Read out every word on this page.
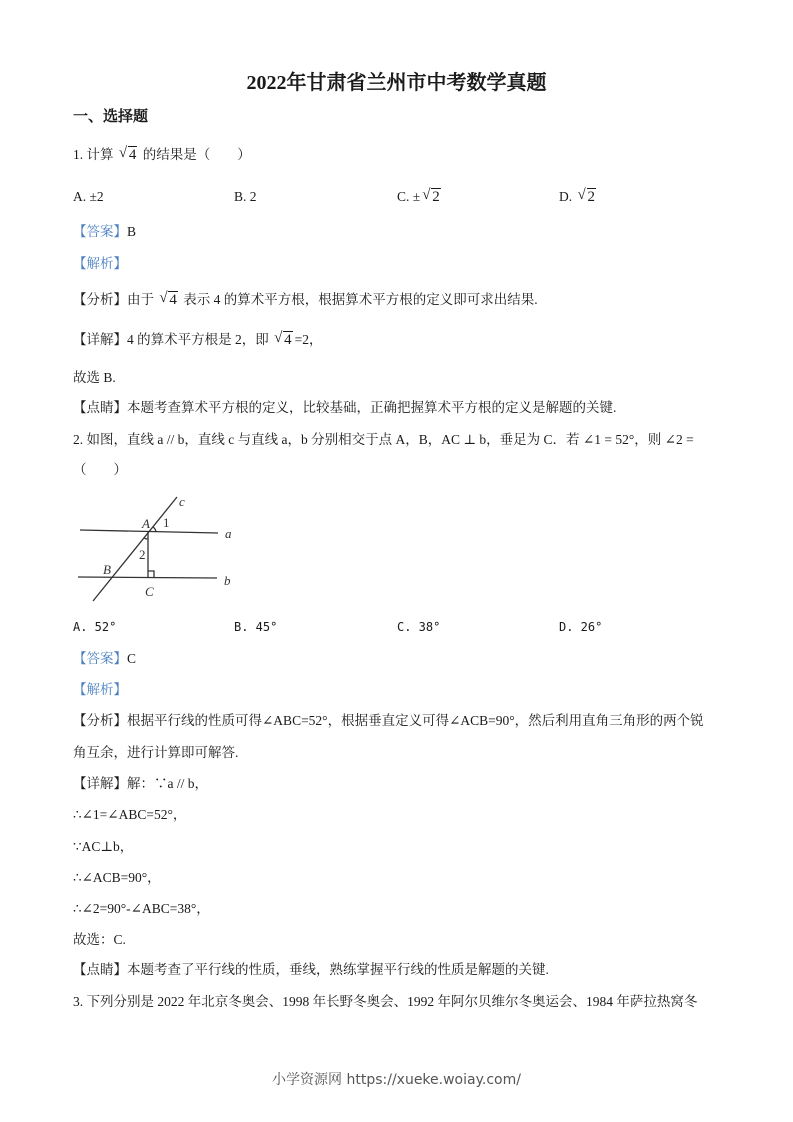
2022年甘肃省兰州市中考数学真题
一、选择题
1. 计算 √ 4 的结果是（　　）
A. ±2	B. 2	C. ± √ 2	D. √ 2
【答案】B
【解析】
【分析】由于 √ 4 表示 4 的算术平方根，根据算术平方根的定义即可求出结果.
【详解】4 的算术平方根是 2，即 √ 4 =2，
故选 B.
【点睛】本题考查算术平方根的定义，比较基础，正确把握算术平方根的定义是解题的关键.
2. 如图，直线 a // b，直线 c 与直线 a，b 分别相交于点 A，B，AC ⊥ b，垂足为 C．若 ∠1 = 52°，则 ∠2 =
（　　）
c
A 1
a
2
B
b
C
A. 52°	B. 45°	C. 38°	D. 26°
【答案】C
【解析】
【分析】根据平行线的性质可得∠ABC=52°，根据垂直定义可得∠ACB=90°，然后利用直角三角形的两个锐
角互余，进行计算即可解答.
【详解】解：∵a // b，
∴∠1=∠ABC=52°，
∵AC⊥b，
∴∠ACB=90°，
∴∠2=90°-∠ABC=38°，
故选：C.
【点睛】本题考查了平行线的性质，垂线，熟练掌握平行线的性质是解题的关键.
3. 下列分别是 2022 年北京冬奥会、1998 年长野冬奥会、1992 年阿尔贝维尔冬奥运会、1984 年萨拉热窝冬
小学资源网 https://xueke.woiay.com/
